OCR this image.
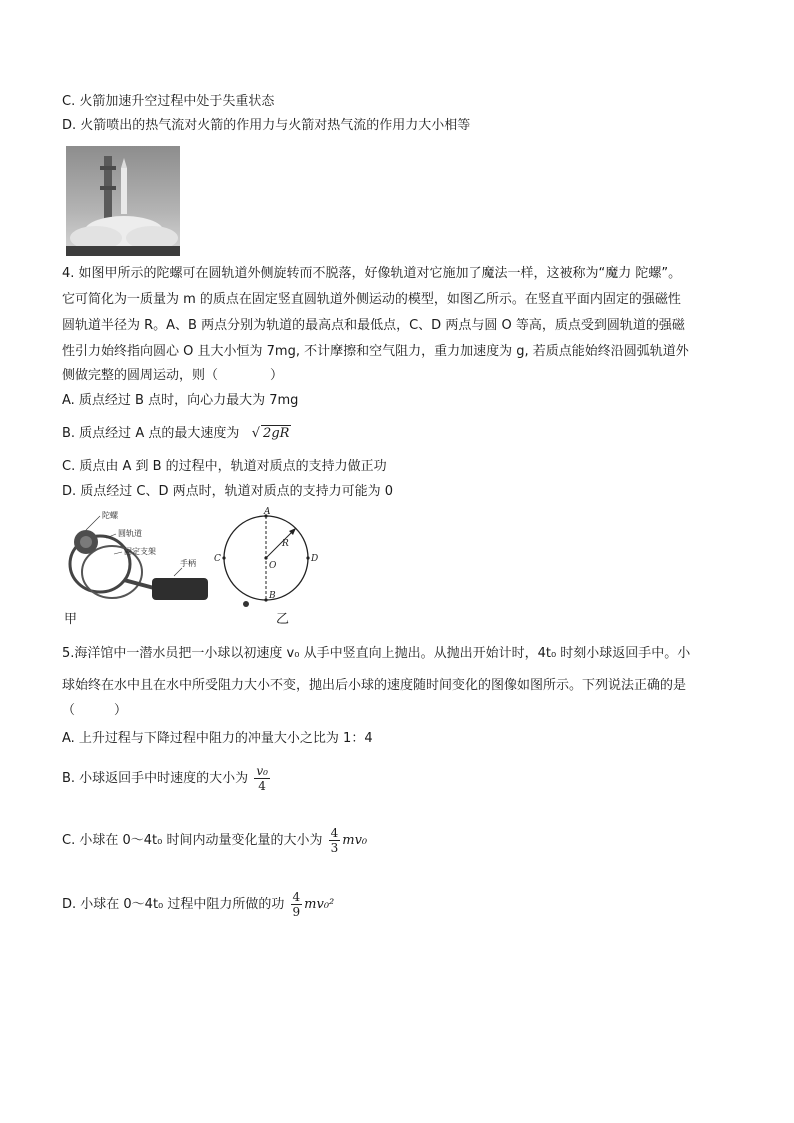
C. 火箭加速升空过程中处于失重状态
D. 火箭喷出的热气流对火箭的作用力与火箭对热气流的作用力大小相等
4. 如图甲所示的陀螺可在圆轨道外侧旋转而不脱落，好像轨道对它施加了魔法一样，这被称为“魔力 陀螺”。
它可简化为一质量为 m 的质点在固定竖直圆轨道外侧运动的模型，如图乙所示。在竖直平面内固定的强磁性
圆轨道半径为 R。A、B 两点分别为轨道的最高点和最低点，C、D 两点与圆 O 等高，质点受到圆轨道的强磁
性引力始终指向圆心 O 且大小恒为 7mg, 不计摩擦和空气阻力，重力加速度为 g, 若质点能始终沿圆弧轨道外
侧做完整的圆周运动，则（　　　　）
A. 质点经过 B 点时，向心力最大为 7mg
B. 质点经过 A 点的最大速度为   √ 2gR
C. 质点由 A 到 B 的过程中，轨道对质点的支持力做正功
D. 质点经过 C、D 两点时，轨道对质点的支持力可能为 0
陀螺
圆轨道
固定支架
手柄
甲
A
B
C	D
O
R
乙
5.海洋馆中一潜水员把一小球以初速度 v₀ 从手中竖直向上抛出。从抛出开始计时，4t₀ 时刻小球返回手中。小
球始终在水中且在水中所受阻力大小不变，抛出后小球的速度随时间变化的图像如图所示。下列说法正确的是
（　　　）
A. 上升过程与下降过程中阻力的冲量大小之比为 1：4
B. 小球返回手中时速度的大小为 $\frac{\text{v₀}}{4}$
C. 小球在 0～4t₀ 时间内动量变化量的大小为 $\frac{4}{3} mv_0$
D. 小球在 0～4t₀ 过程中阻力所做的功 $\frac{4}{9} mv_0^2$
